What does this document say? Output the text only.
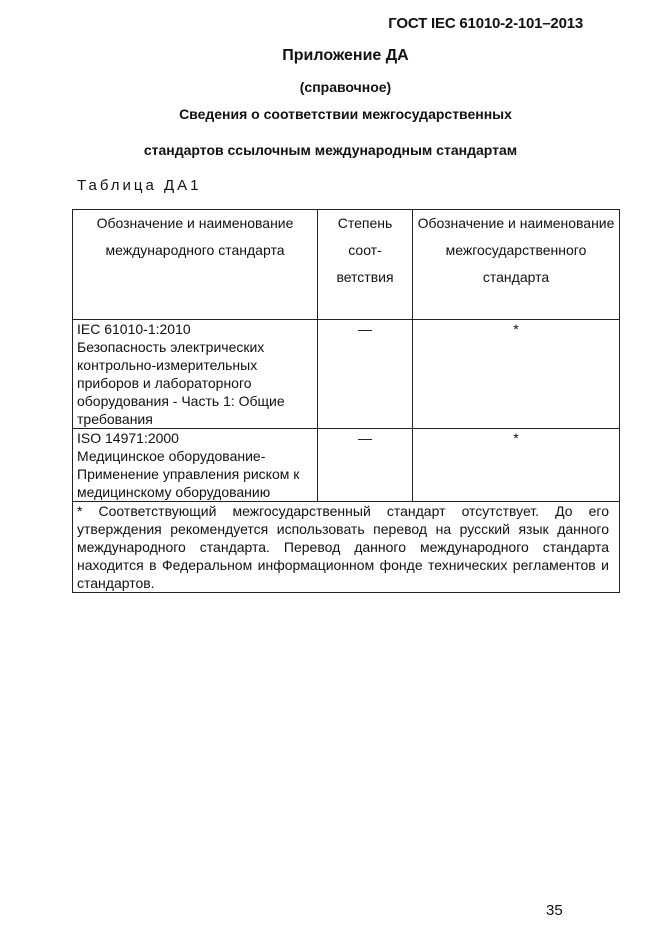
ГОСТ IEC 61010-2-101–2013
Приложение ДА
(справочное)
Сведения о соответствии межгосударственных
стандартов ссылочным международным стандартам
Таблица ДА1
Обозначение и наименование международного стандарта	Степень соот-ветствия	Обозначение и наименование межгосударственного стандарта

IEC 61010-1:2010
Безопасность электрических контрольно-измерительных приборов и лабораторного оборудования - Часть 1: Общие требования	—	*

ISO 14971:2000
Медицинское оборудование-Применение управления риском к медицинскому оборудованию	—	*
* Соответствующий межгосударственный стандарт отсутствует. До его утверждения рекомендуется использовать перевод на русский язык данного международного стандарта. Перевод данного международного стандарта находится в Федеральном информационном фонде технических регламентов и стандартов.		
35
